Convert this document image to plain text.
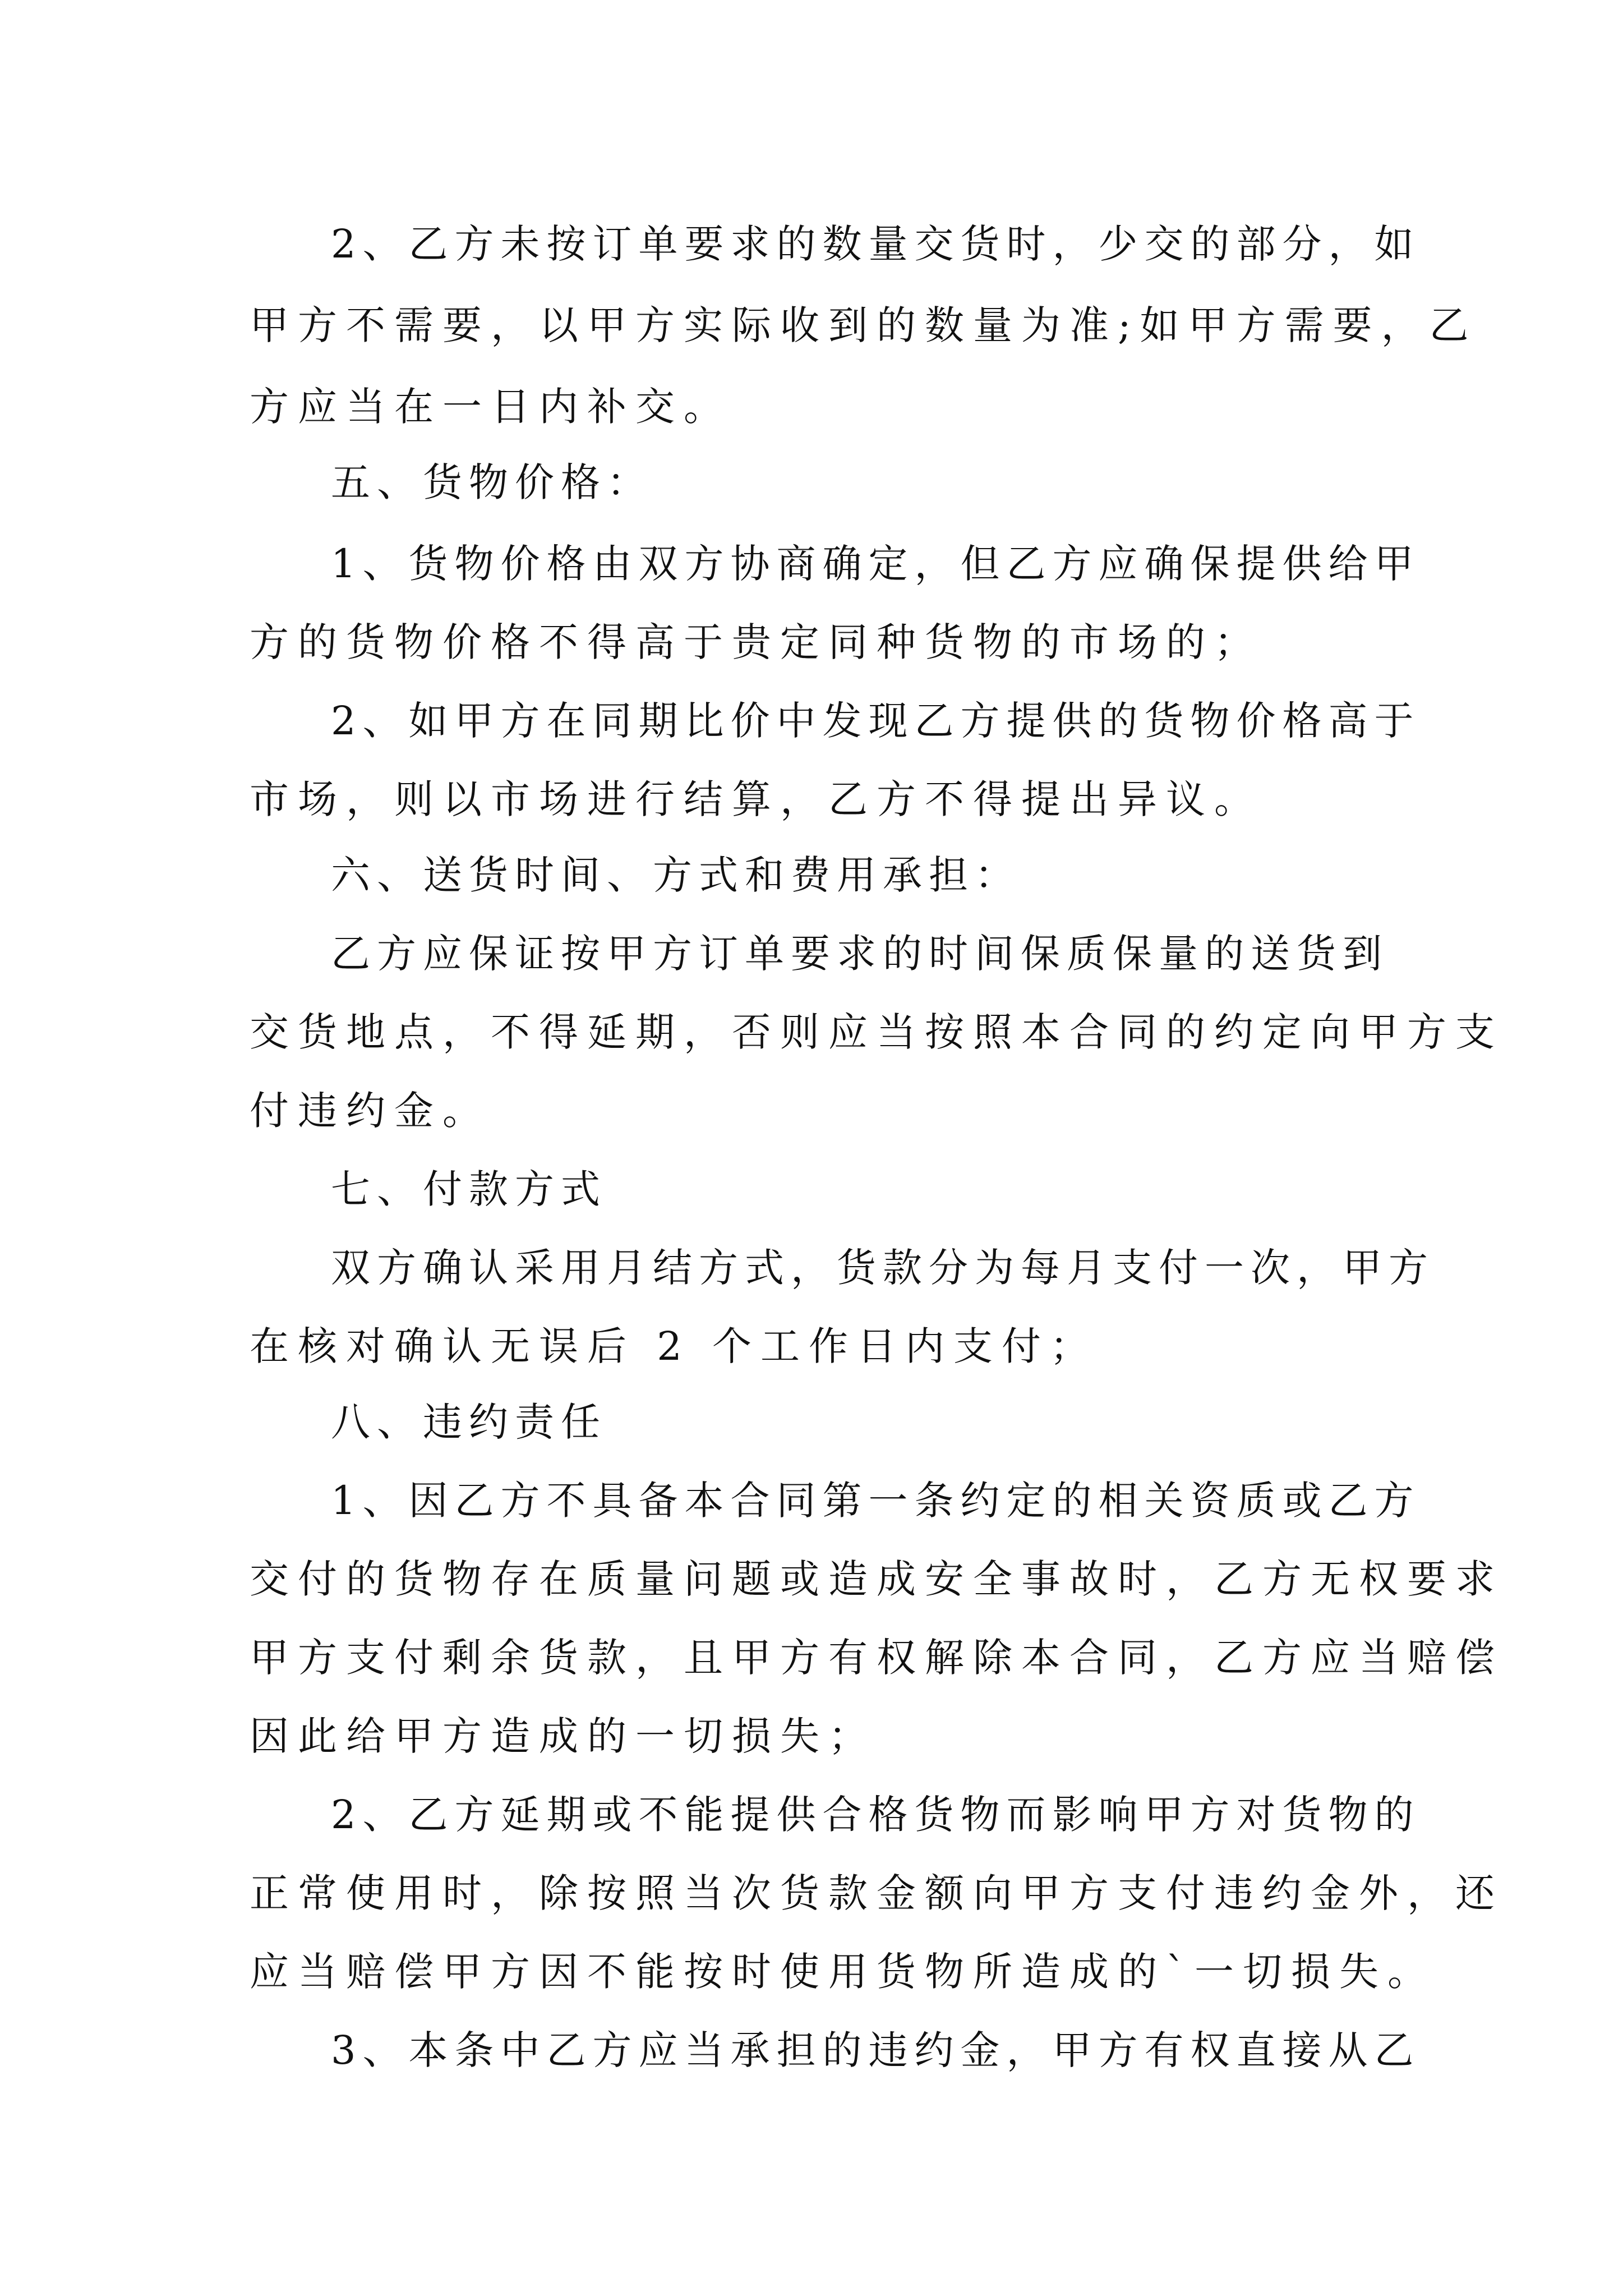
2、乙方未按订单要求的数量交货时，少交的部分，如
甲方不需要，以甲方实际收到的数量为准;如甲方需要，乙
方应当在一日内补交。
五、货物价格：
1、货物价格由双方协商确定，但乙方应确保提供给甲
方的货物价格不得高于贵定同种货物的市场的；
2、如甲方在同期比价中发现乙方提供的货物价格高于
市场，则以市场进行结算，乙方不得提出异议。
六、送货时间、方式和费用承担：
乙方应保证按甲方订单要求的时间保质保量的送货到
交货地点，不得延期，否则应当按照本合同的约定向甲方支
付违约金。
七、付款方式
双方确认采用月结方式，货款分为每月支付一次，甲方
在核对确认无误后 2 个工作日内支付；
八、违约责任
1、因乙方不具备本合同第一条约定的相关资质或乙方
交付的货物存在质量问题或造成安全事故时，乙方无权要求
甲方支付剩余货款，且甲方有权解除本合同，乙方应当赔偿
因此给甲方造成的一切损失；
2、乙方延期或不能提供合格货物而影响甲方对货物的
正常使用时，除按照当次货款金额向甲方支付违约金外，还
应当赔偿甲方因不能按时使用货物所造成的`一切损失。
3、本条中乙方应当承担的违约金，甲方有权直接从乙
